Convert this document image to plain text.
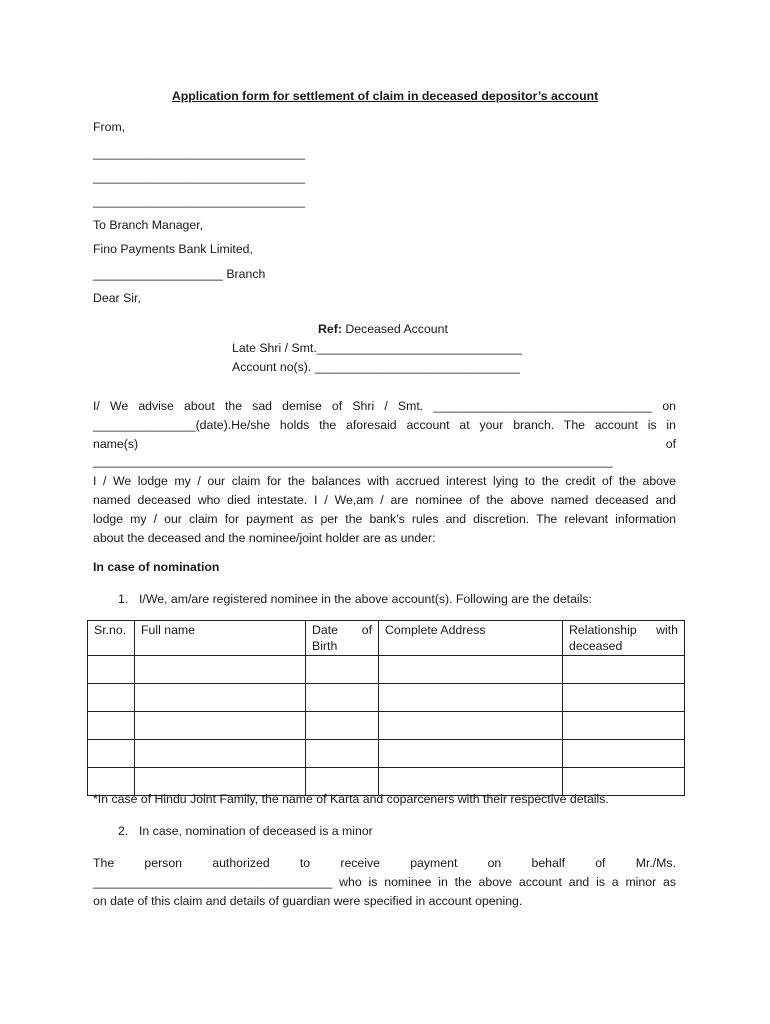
Application form for settlement of claim in deceased depositor’s account
From,
_______________________________
_______________________________
_______________________________
To Branch Manager,
Fino Payments Bank Limited,
___________________ Branch
Dear Sir,
Ref: Deceased Account
Late Shri / Smt.______________________________
Account no(s). ______________________________
I/ We advise about the sad demise of Shri / Smt. ________________________________ on
_______________(date).He/she holds the aforesaid account at your branch. The account is in
name(s) of
____________________________________________________________________________
I / We lodge my / our claim for the balances with accrued interest lying to the credit of the above
named deceased who died intestate. I / We,am / are nominee of the above named deceased and
lodge my / our claim for payment as per the bank’s rules and discretion. The relevant information
about the deceased and the nominee/joint holder are as under:
In case of nomination
1. I/We, am/are registered nominee in the above account(s). Following are the details:
Sr.no.	Full name	Date of Birth	Complete Address	Relationship with deceased

*In case of Hindu Joint Family, the name of Karta and coparceners with their respective details.
2. In case, nomination of deceased is a minor
The person authorized to receive payment on behalf of Mr./Ms.
___________________________________ who is nominee in the above account and is a minor as
on date of this claim and details of guardian were specified in account opening.
